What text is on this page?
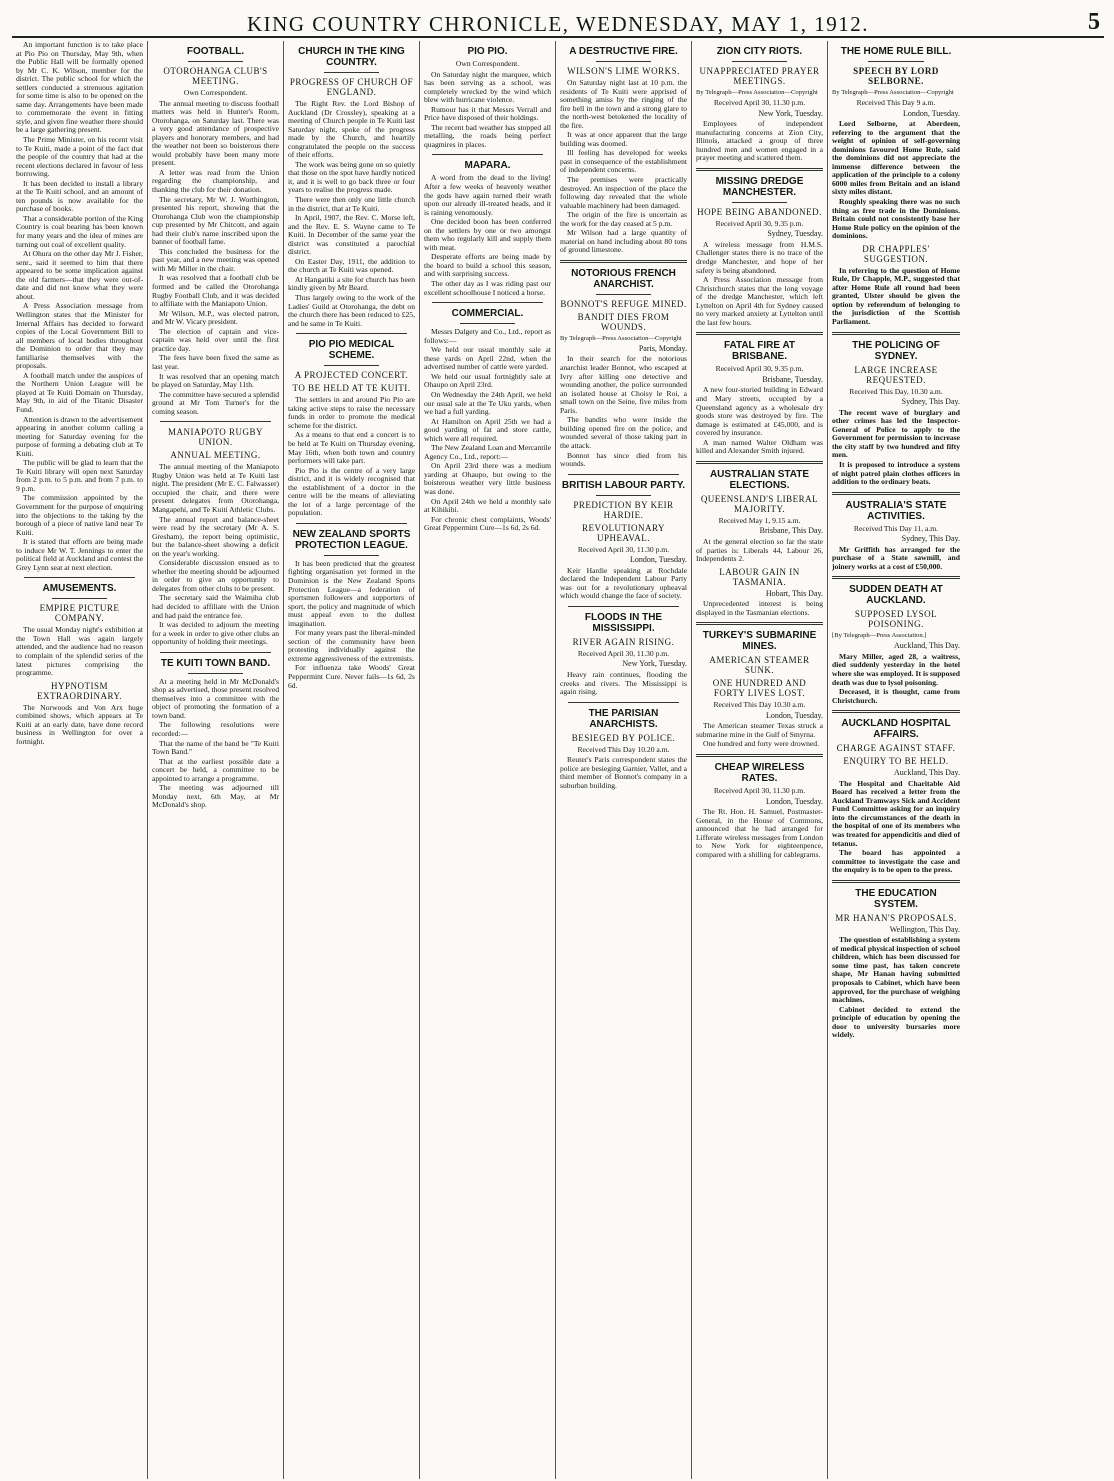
KING COUNTRY CHRONICLE, WEDNESDAY, MAY 1, 1912.	5

An important function is to take place at Pio Pio on Thursday, May 9th, when the Public Hall will be formally opened by Mr C. K. Wilson, member for the district. The public school for which the settlers conducted a strenuous agitation for some time is also to be opened on the same day. Arrangements have been made to commemorate the event in fitting style, and given fine weather there should be a large gathering present.

The Prime Minister, on his recent visit to Te Kuiti, made a point of the fact that the people of the country that had at the recent elections declared in favour of less borrowing.

It has been decided to install a library at the Te Kuiti school, and an amount of ten pounds is now available for the purchase of books.

That a considerable portion of the King Country is coal bearing has been known for many years and the idea of mines are turning out coal of excellent quality.

At Ohura on the other day Mr J. Fisher, senr., said it seemed to him that there appeared to be some implication against the old farmers—that they were out-of-date and did not know what they were about.

A Press Association message from Wellington states that the Minister for Internal Affairs has decided to forward copies of the Local Government Bill to all members of local bodies throughout the Dominion to order that they may familiarise themselves with the proposals.

A football match under the auspices of the Northern Union League will be played at Te Kuiti Domain on Thursday, May 9th, in aid of the Titanic Disaster Fund.

Attention is drawn to the advertisement appearing in another column calling a meeting for Saturday evening for the purpose of forming a debating club at Te Kuiti.

The public will be glad to learn that the Te Kuiti library will open next Saturday from 2 p.m. to 5 p.m. and from 7 p.m. to 9 p.m.

The commission appointed by the Government for the purpose of enquiring into the objections to the taking by the borough of a piece of native land near Te Kuiti.

It is stated that efforts are being made to induce Mr W. T. Jennings to enter the political field at Auckland and contest the Grey Lynn seat at next election.

AMUSEMENTS.
EMPIRE PICTURE COMPANY.

The usual Monday night's exhibition at the Town Hall was again largely attended, and the audience had no reason to complain of the splendid series of the latest pictures comprising the programme.

HYPNOTISM EXTRAORDINARY.

The Norwoods and Von Arx huge combined shows, which appears at Te Kuiti at an early date, have done record business in Wellington for over a fortnight.

FOOTBALL.
OTOROHANGA CLUB'S MEETING.
Own Correspondent.

The annual meeting to discuss football matters was held in Hunter's Room, Otorohanga, on Saturday last. There was a very good attendance of prospective players and honorary members, and had the weather not been so boisterous there would probably have been many more present.

A letter was read from the Union regarding the championship, and thanking the club for their donation.

The secretary, Mr W. J. Worthington, presented his report, showing that the Otorohanga Club won the championship cup presented by Mr Chitcott, and again had their club's name inscribed upon the banner of football fame.

This concluded the business for the past year, and a new meeting was opened with Mr Miller in the chair.

It was resolved that a football club be formed and be called the Otorohanga Rugby Football Club, and it was decided to affiliate with the Maniapoto Union.

Mr Wilson, M.P., was elected patron, and Mr W. Vicary president.

The election of captain and vice-captain was held over until the first practice day.

The fees have been fixed the same as last year.

It was resolved that an opening match be played on Saturday, May 11th.

The committee have secured a splendid ground at Mr Tom Turner's for the coming season.

MANIAPOTO RUGBY UNION.
ANNUAL MEETING.

The annual meeting of the Maniapoto Rugby Union was held at Te Kuiti last night. The president (Mr E. C. Falwasser) occupied the chair, and there were present delegates from Otorohanga, Mangapehi, and Te Kuiti Athletic Clubs.

The annual report and balance-sheet were read by the secretary (Mr A. S. Gresham), the report being optimistic, but the balance-sheet showing a deficit on the year's working.

Considerable discussion ensued as to whether the meeting should be adjourned in order to give an opportunity to delegates from other clubs to be present.

The secretary said the Waimiha club had decided to affiliate with the Union and had paid the entrance fee.

It was decided to adjourn the meeting for a week in order to give other clubs an opportunity of holding their meetings.

TE KUITI TOWN BAND.

At a meeting held in Mr McDonald's shop as advertised, those present resolved themselves into a committee with the object of promoting the formation of a town band.

The following resolutions were recorded:—

That the name of the band be "Te Kuiti Town Band."

That at the earliest possible date a concert be held, a committee to be appointed to arrange a programme.

The meeting was adjourned till Monday next, 6th May, at Mr McDonald's shop.

CHURCH IN THE KING COUNTRY.
PROGRESS OF CHURCH OF ENGLAND.

The Right Rev. the Lord Bishop of Auckland (Dr Crossley), speaking at a meeting of Church people in Te Kuiti last Saturday night, spoke of the progress made by the Church, and heartily congratulated the people on the success of their efforts.

The work was being gone on so quietly that those on the spot have hardly noticed it, and it is well to go back three or four years to realise the progress made.

There were then only one little church in the district, that at Te Kuiti.

In April, 1907, the Rev. C. Morse left, and the Rev. E. S. Wayne came to Te Kuiti. In December of the same year the district was constituted a parochial district.

On Easter Day, 1911, the addition to the church at Te Kuiti was opened.

At Hangatiki a site for church has been kindly given by Mr Beard.

Thus largely owing to the work of the Ladies' Guild at Otorohanga, the debt on the church there has been reduced to £25, and he same in Te Kuiti.

PIO PIO MEDICAL SCHEME.
A PROJECTED CONCERT.
TO BE HELD AT TE KUITI.

The settlers in and around Pio Pio are taking active steps to raise the necessary funds in order to promote the medical scheme for the district.

As a means to that end a concert is to be held at Te Kuiti on Thursday evening, May 16th, when both town and country performers will take part.

Pio Pio is the centre of a very large district, and it is widely recognised that the establishment of a doctor in the centre will be the means of alleviating the lot of a large percentage of the population.

NEW ZEALAND SPORTS PROTECTION LEAGUE.

It has been predicted that the greatest fighting organisation yet formed in the Dominion is the New Zealand Sports Protection League—a federation of sportsmen followers and supporters of sport, the policy and magnitude of which must appeal even to the dullest imagination.

For many years past the liberal-minded section of the community have been protesting individually against the extreme aggressiveness of the extremists.

For influenza take Woods' Great Peppermint Cure. Never fails—1s 6d, 2s 6d.

PIO PIO.
Own Correspondent.

On Saturday night the marquee, which has been serving as a school, was completely wrecked by the wind which blew with hurricane violence.

Rumour has it that Messrs Verrall and Price have disposed of their holdings.

The recent bad weather has stopped all metalling, the roads being perfect quagmires in places.

MAPARA.

A word from the dead to the living! After a few weeks of heavenly weather the gods have again turned their wrath upon our already ill-treated heads, and it is raining venomously.

One decided boon has been conferred on the settlers by one or two amongst them who regularly kill and supply them with meat.

Desperate efforts are being made by the board to build a school this season, and with surprising success.

The other day as I was riding past our excellent schoolhouse I noticed a horse.

COMMERCIAL.

Messrs Dalgety and Co., Ltd., report as follows:—

We held our usual monthly sale at these yards on April 22nd, when the advertised number of cattle were yarded.

We held our usual fortnightly sale at Ohaupo on April 23rd.

On Wednesday the 24th April, we held our usual sale at the Te Uku yards, when we had a full yarding.

At Hamilton on April 25th we had a good yarding of fat and store cattle, which were all required.

The New Zealand Loan and Mercantile Agency Co., Ltd., report:—

On April 23rd there was a medium yarding at Ohaupo, but owing to the boisterous weather very little business was done.

On April 24th we held a monthly sale at Kihikihi.

For chronic chest complaints, Woods' Great Peppermint Cure—1s 6d, 2s 6d.

A DESTRUCTIVE FIRE.
WILSON'S LIME WORKS.

On Saturday night last at 10 p.m. the residents of Te Kuiti were apprised of something amiss by the ringing of the fire bell in the town and a strong glare to the north-west betokened the locality of the fire.

It was at once apparent that the large building was doomed.

Ill feeling has developed for weeks past in consequence of the establishment of independent concerns.

The premises were practically destroyed. An inspection of the place the following day revealed that the whole valuable machinery had been damaged.

The origin of the fire is uncertain as the work for the day ceased at 5 p.m.

Mr Wilson had a large quantity of material on hand including about 80 tons of ground limestone.

NOTORIOUS FRENCH ANARCHIST.
BONNOT'S REFUGE MINED.
BANDIT DIES FROM WOUNDS.
By Telegraph—Press Association—Copyright
Paris, Monday.

In their search for the notorious anarchist leader Bonnot, who escaped at Ivry after killing one detective and wounding another, the police surrounded an isolated house at Choisy le Roi, a small town on the Seine, five miles from Paris.

The bandits who were inside the building opened fire on the police, and wounded several of those taking part in the attack.

Bonnot has since died from his wounds.

BRITISH LABOUR PARTY.
PREDICTION BY KEIR HARDIE.
REVOLUTIONARY UPHEAVAL.
Received April 30, 11.30 p.m.
London, Tuesday.

Keir Hardie speaking at Rochdale declared the Independent Labour Party was out for a revolutionary upheaval which would change the face of society.

FLOODS IN THE MISSISSIPPI.
RIVER AGAIN RISING.
Received April 30, 11.30 p.m.
New York, Tuesday.

Heavy rain continues, flooding the creeks and rivers. The Mississippi is again rising.

THE PARISIAN ANARCHISTS.
BESIEGED BY POLICE.
Received This Day 10.20 a.m.

Reuter's Paris correspondent states the police are besieging Garnier, Vallet, and a third member of Bonnot's company in a suburban building.

ZION CITY RIOTS.
UNAPPRECIATED PRAYER MEETINGS.
By Telegraph—Press Association—Copyright
Received April 30, 11.30 p.m.
New York, Tuesday.

Employees of independent manufacturing concerns at Zion City, Illinois, attacked a group of three hundred men and women engaged in a prayer meeting and scattered them.

MISSING DREDGE MANCHESTER.
HOPE BEING ABANDONED.
Received April 30, 9.35 p.m.
Sydney, Tuesday.

A wireless message from H.M.S. Challenger states there is no trace of the dredge Manchester, and hope of her safety is being abandoned.

A Press Association message from Christchurch states that the long voyage of the dredge Manchester, which left Lyttelton on April 4th for Sydney caused no very marked anxiety at Lyttelton until the last few hours.

FATAL FIRE AT BRISBANE.
Received April 30, 9.35 p.m.
Brisbane, Tuesday.

A new four-storied building in Edward and Mary streets, occupied by a Queensland agency as a wholesale dry goods store was destroyed by fire. The damage is estimated at £45,000, and is covered by insurance.

A man named Walter Oldham was killed and Alexander Smith injured.

AUSTRALIAN STATE ELECTIONS.
QUEENSLAND'S LIBERAL MAJORITY.
Received May 1, 9.15 a.m.
Brisbane, This Day.

At the general election so far the state of parties is: Liberals 44, Labour 26, Independents 2.

LABOUR GAIN IN TASMANIA.
Hobart, This Day.

Unprecedented interest is being displayed in the Tasmanian elections.

TURKEY'S SUBMARINE MINES.
AMERICAN STEAMER SUNK.
ONE HUNDRED AND FORTY LIVES LOST.
Received This Day 10.30 a.m.
London, Tuesday.

The American steamer Texas struck a submarine mine in the Gulf of Smyrna.

One hundred and forty were drowned.

CHEAP WIRELESS RATES.
Received April 30, 11.30 p.m.
London, Tuesday.

The Rt. Hon. H. Samuel, Postmaster-General, in the House of Commons, announced that he had arranged for Lifferate wireless messages from London to New York for eighteenpence, compared with a shilling for cablegrams.

THE HOME RULE BILL.
SPEECH BY LORD SELBORNE.
By Telegraph—Press Association—Copyright
Received This Day 9 a.m.
London, Tuesday.

Lord Selborne, at Aberdeen, referring to the argument that the weight of opinion of self-governing dominions favoured Home Rule, said the dominions did not appreciate the immense difference between the application of the principle to a colony 6000 miles from Britain and an island sixty miles distant.

Roughly speaking there was no such thing as free trade in the Dominions. Britain could not consistently base her Home Rule policy on the opinion of the dominions.

DR CHAPPLES' SUGGESTION.

In referring to the question of Home Rule, Dr Chapple, M.P., suggested that after Home Rule all round had been granted, Ulster should be given the option by referendum of belonging to the jurisdiction of the Scottish Parliament.

THE POLICING OF SYDNEY.
LARGE INCREASE REQUESTED.
Received This Day, 10.30 a.m.
Sydney, This Day.

The recent wave of burglary and other crimes has led the Inspector-General of Police to apply to the Government for permission to increase the city staff by two hundred and fifty men.

It is proposed to introduce a system of night patrol plain clothes officers in addition to the ordinary beats.

AUSTRALIA'S STATE ACTIVITIES.
Received This Day 11, a.m.
Sydney, This Day.

Mr Griffith has arranged for the purchase of a State sawmill, and joinery works at a cost of £50,000.

SUDDEN DEATH AT AUCKLAND.
SUPPOSED LYSOL POISONING.
[By Telegraph—Press Association.]
Auckland, This Day.

Mary Miller, aged 28, a waitress, died suddenly yesterday in the hotel where she was employed. It is supposed death was due to lysol poisoning.

Deceased, it is thought, came from Christchurch.

AUCKLAND HOSPITAL AFFAIRS.
CHARGE AGAINST STAFF.
ENQUIRY TO BE HELD.
Auckland, This Day.

The Hospital and Charitable Aid Board has received a letter from the Auckland Tramways Sick and Accident Fund Committee asking for an inquiry into the circumstances of the death in the hospital of one of its members who was treated for appendicitis and died of tetanus.

The board has appointed a committee to investigate the case and the enquiry is to be open to the press.

THE EDUCATION SYSTEM.
MR HANAN'S PROPOSALS.
Wellington, This Day.

The question of establishing a system of medical physical inspection of school children, which has been discussed for some time past, has taken concrete shape, Mr Hanan having submitted proposals to Cabinet, which have been approved, for the purchase of weighing machines.

Cabinet decided to extend the principle of education by opening the door to university bursaries more widely.
